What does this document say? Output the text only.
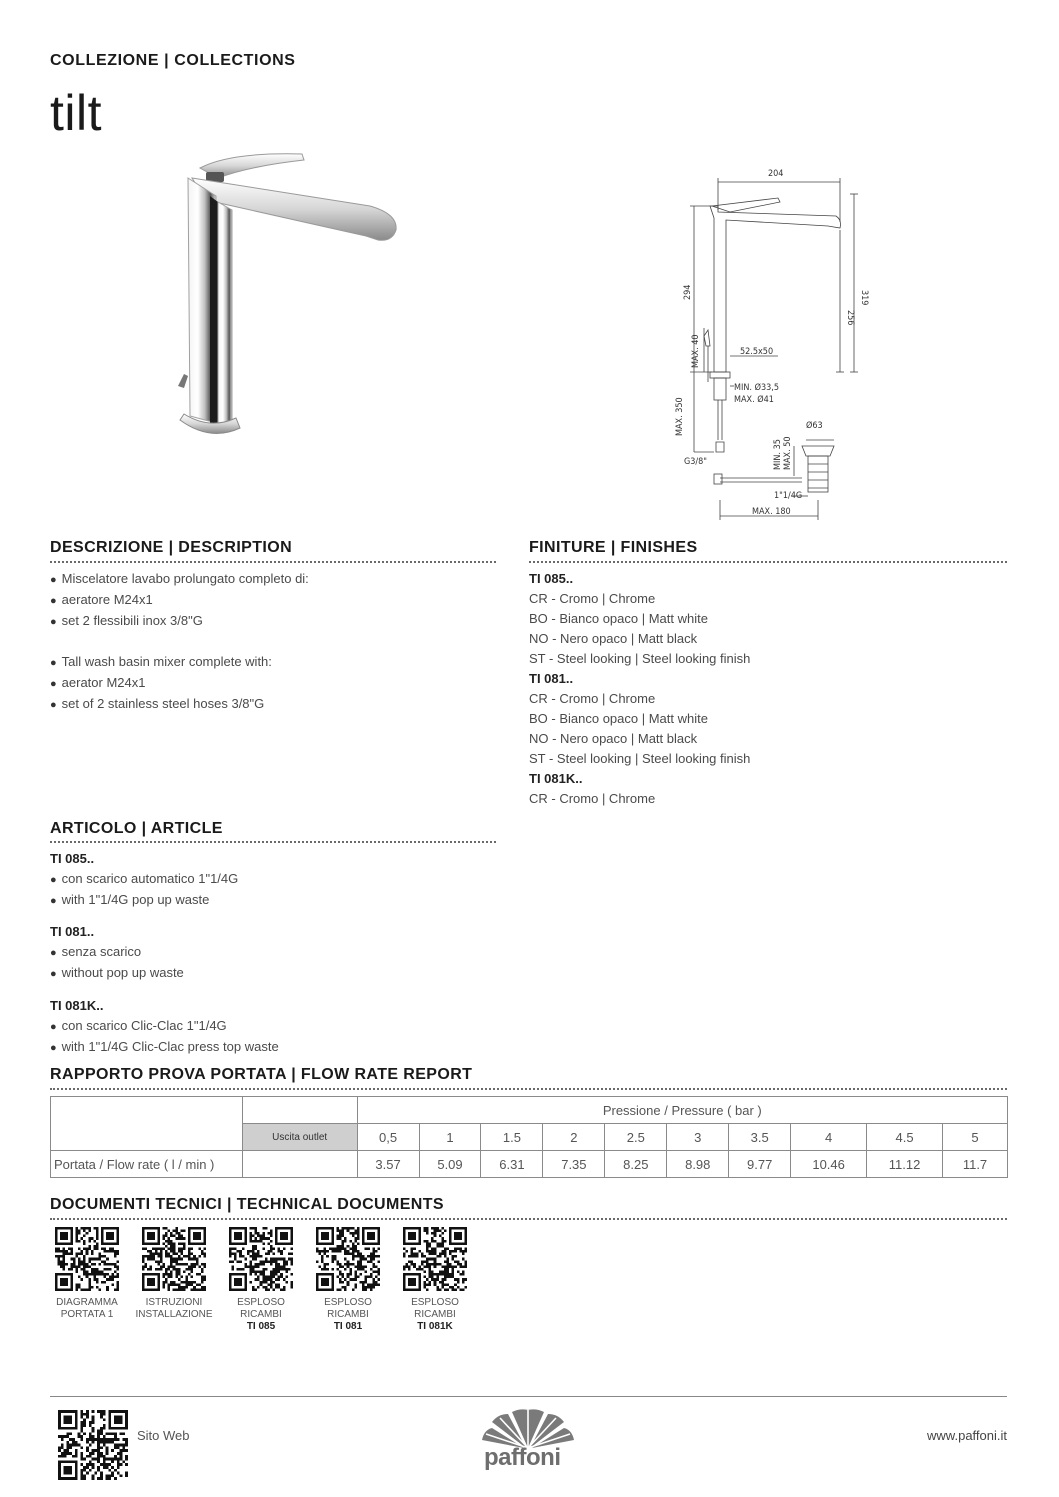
COLLEZIONE | COLLECTIONS
tilt
204
319
294
256
MAX. 40	52.5x50
MIN. Ø33,5
MAX. Ø41
MAX. 350
G3/8"
Ø63
MIN. 35 MAX. 50
1"1/4G
MAX. 180
DESCRIZIONE | DESCRIPTION
● Miscelatore lavabo prolungato completo di:
● aeratore M24x1
● set 2 flessibili inox 3/8"G
● Tall wash basin mixer complete with:
● aerator M24x1
● set of 2 stainless steel hoses 3/8"G
FINITURE | FINISHES
TI 085..
CR - Cromo | Chrome
BO - Bianco opaco | Matt white
NO - Nero opaco | Matt black
ST - Steel looking | Steel looking finish
TI 081..
CR - Cromo | Chrome
BO - Bianco opaco | Matt white
NO - Nero opaco | Matt black
ST - Steel looking | Steel looking finish
TI 081K..
CR - Cromo | Chrome
ARTICOLO | ARTICLE
TI 085..
● con scarico automatico 1"1/4G
● with 1"1/4G pop up waste
TI 081..
● senza scarico
● without pop up waste
TI 081K..
● con scarico Clic-Clac 1"1/4G
● with 1"1/4G Clic-Clac press top waste
RAPPORTO PROVA PORTATA | FLOW RATE REPORT
		Pressione / Pressure ( bar )									
	Uscita outlet	0,5	1	1.5	2	2.5	3	3.5	4	4.5	5
Portata / Flow rate ( l / min )		3.57	5.09	6.31	7.35	8.25	8.98	9.77	10.46	11.12	11.7
DOCUMENTI TECNICI | TECHNICAL DOCUMENTS
DIAGRAMMA
PORTATA 1
ISTRUZIONI
INSTALLAZIONE
ESPLOSO
RICAMBI
TI 085
ESPLOSO
RICAMBI
TI 081
ESPLOSO
RICAMBI
TI 081K
Sito Web
paffoni
www.paffoni.it
